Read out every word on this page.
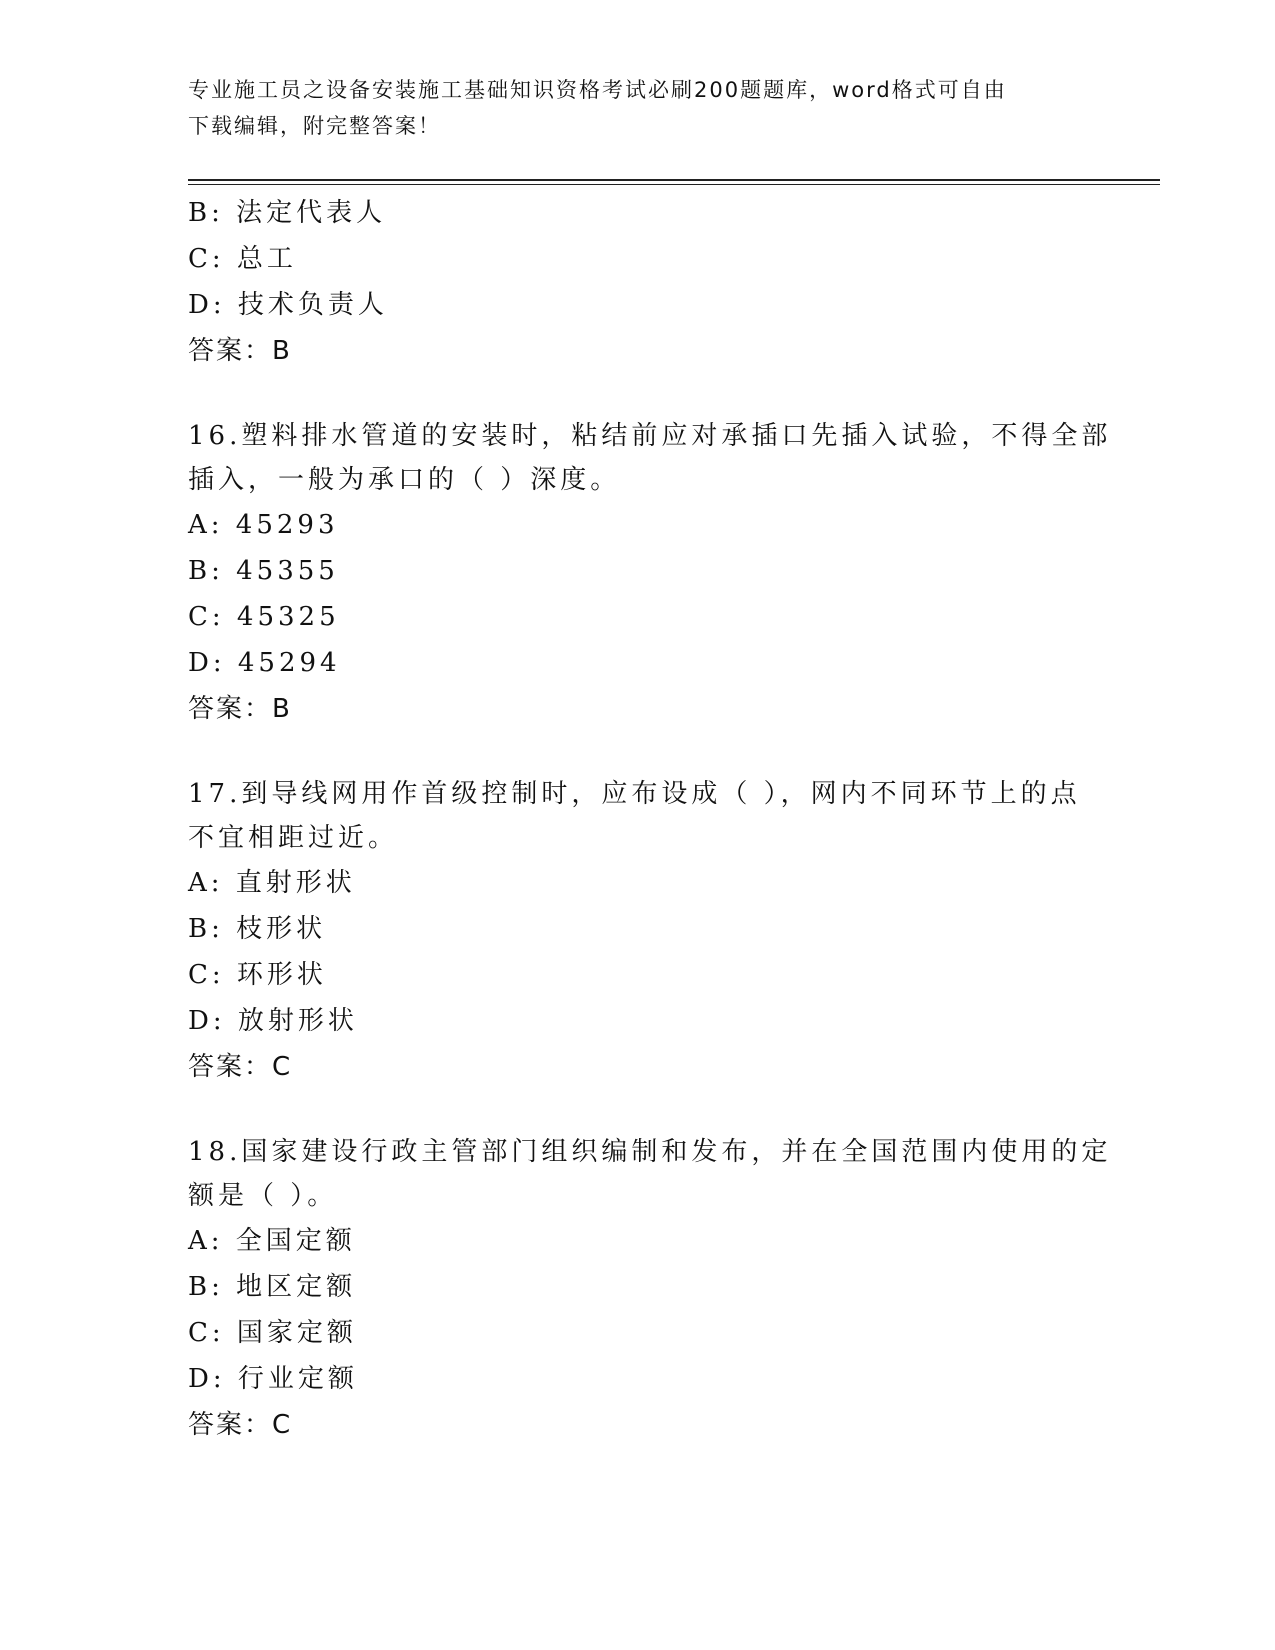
专业施工员之设备安装施工基础知识资格考试必刷200题题库，word格式可自由
下载编辑，附完整答案！
B: 法定代表人
C: 总工
D: 技术负责人
答案：B
16.塑料排水管道的安装时，粘结前应对承插口先插入试验，不得全部
插入，一般为承口的（ ）深度。
A: 45293
B: 45355
C: 45325
D: 45294
答案：B
17.到导线网用作首级控制时，应布设成（ ），网内不同环节上的点
不宜相距过近。
A: 直射形状
B: 枝形状
C: 环形状
D: 放射形状
答案：C
18.国家建设行政主管部门组织编制和发布，并在全国范围内使用的定
额是（ ）。
A: 全国定额
B: 地区定额
C: 国家定额
D: 行业定额
答案：C
